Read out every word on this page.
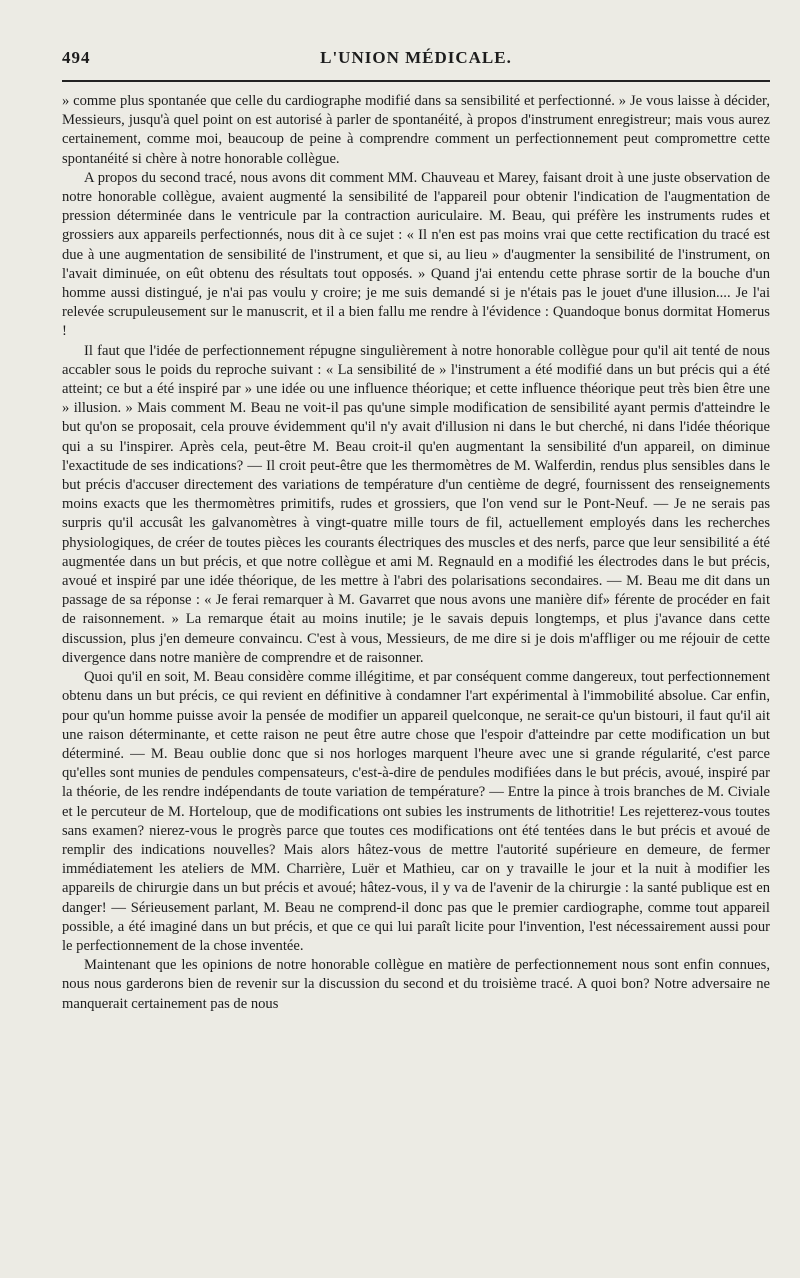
494	L'UNION MÉDICALE.

» comme plus spontanée que celle du cardiographe modifié dans sa sensibilité et perfectionné. » Je vous laisse à décider, Messieurs, jusqu'à quel point on est autorisé à parler de spontanéité, à propos d'instrument enregistreur; mais vous aurez certainement, comme moi, beaucoup de peine à comprendre comment un perfectionnement peut compromettre cette spontanéité si chère à notre honorable collègue.

A propos du second tracé, nous avons dit comment MM. Chauveau et Marey, faisant droit à une juste observation de notre honorable collègue, avaient augmenté la sensibilité de l'appareil pour obtenir l'indication de l'augmentation de pression déterminée dans le ventricule par la contraction auriculaire. M. Beau, qui préfère les instruments rudes et grossiers aux appareils perfectionnés, nous dit à ce sujet : « Il n'en est pas moins vrai que cette rectification du tracé est due à une augmentation de sensibilité de l'instrument, et que si, au lieu » d'augmenter la sensibilité de l'instrument, on l'avait diminuée, on eût obtenu des résultats tout opposés. » Quand j'ai entendu cette phrase sortir de la bouche d'un homme aussi distingué, je n'ai pas voulu y croire; je me suis demandé si je n'étais pas le jouet d'une illusion.... Je l'ai relevée scrupuleusement sur le manuscrit, et il a bien fallu me rendre à l'évidence : Quandoque bonus dormitat Homerus !

Il faut que l'idée de perfectionnement répugne singulièrement à notre honorable collègue pour qu'il ait tenté de nous accabler sous le poids du reproche suivant : « La sensibilité de » l'instrument a été modifié dans un but précis qui a été atteint; ce but a été inspiré par » une idée ou une influence théorique; et cette influence théorique peut très bien être une » illusion. » Mais comment M. Beau ne voit-il pas qu'une simple modification de sensibilité ayant permis d'atteindre le but qu'on se proposait, cela prouve évidemment qu'il n'y avait d'illusion ni dans le but cherché, ni dans l'idée théorique qui a su l'inspirer. Après cela, peut-être M. Beau croit-il qu'en augmentant la sensibilité d'un appareil, on diminue l'exactitude de ses indications? — Il croit peut-être que les thermomètres de M. Walferdin, rendus plus sensibles dans le but précis d'accuser directement des variations de température d'un centième de degré, fournissent des renseignements moins exacts que les thermomètres primitifs, rudes et grossiers, que l'on vend sur le Pont-Neuf. — Je ne serais pas surpris qu'il accusât les galvanomètres à vingt-quatre mille tours de fil, actuellement employés dans les recherches physiologiques, de créer de toutes pièces les courants électriques des muscles et des nerfs, parce que leur sensibilité a été augmentée dans un but précis, et que notre collègue et ami M. Regnauld en a modifié les électrodes dans le but précis, avoué et inspiré par une idée théorique, de les mettre à l'abri des polarisations secondaires. — M. Beau me dit dans un passage de sa réponse : « Je ferai remarquer à M. Gavarret que nous avons une manière dif» férente de procéder en fait de raisonnement. » La remarque était au moins inutile; je le savais depuis longtemps, et plus j'avance dans cette discussion, plus j'en demeure convaincu. C'est à vous, Messieurs, de me dire si je dois m'affliger ou me réjouir de cette divergence dans notre manière de comprendre et de raisonner.

Quoi qu'il en soit, M. Beau considère comme illégitime, et par conséquent comme dangereux, tout perfectionnement obtenu dans un but précis, ce qui revient en définitive à condamner l'art expérimental à l'immobilité absolue. Car enfin, pour qu'un homme puisse avoir la pensée de modifier un appareil quelconque, ne serait-ce qu'un bistouri, il faut qu'il ait une raison déterminante, et cette raison ne peut être autre chose que l'espoir d'atteindre par cette modification un but déterminé. — M. Beau oublie donc que si nos horloges marquent l'heure avec une si grande régularité, c'est parce qu'elles sont munies de pendules compensateurs, c'est-à-dire de pendules modifiées dans le but précis, avoué, inspiré par la théorie, de les rendre indépendants de toute variation de température? — Entre la pince à trois branches de M. Civiale et le percuteur de M. Horteloup, que de modifications ont subies les instruments de lithotritie! Les rejetterez-vous toutes sans examen? nierez-vous le progrès parce que toutes ces modifications ont été tentées dans le but précis et avoué de remplir des indications nouvelles? Mais alors hâtez-vous de mettre l'autorité supérieure en demeure, de fermer immédiatement les ateliers de MM. Charrière, Luër et Mathieu, car on y travaille le jour et la nuit à modifier les appareils de chirurgie dans un but précis et avoué; hâtez-vous, il y va de l'avenir de la chirurgie : la santé publique est en danger! — Sérieusement parlant, M. Beau ne comprend-il donc pas que le premier cardiographe, comme tout appareil possible, a été imaginé dans un but précis, et que ce qui lui paraît licite pour l'invention, l'est nécessairement aussi pour le perfectionnement de la chose inventée.

Maintenant que les opinions de notre honorable collègue en matière de perfectionnement nous sont enfin connues, nous nous garderons bien de revenir sur la discussion du second et du troisième tracé. A quoi bon? Notre adversaire ne manquerait certainement pas de nous
